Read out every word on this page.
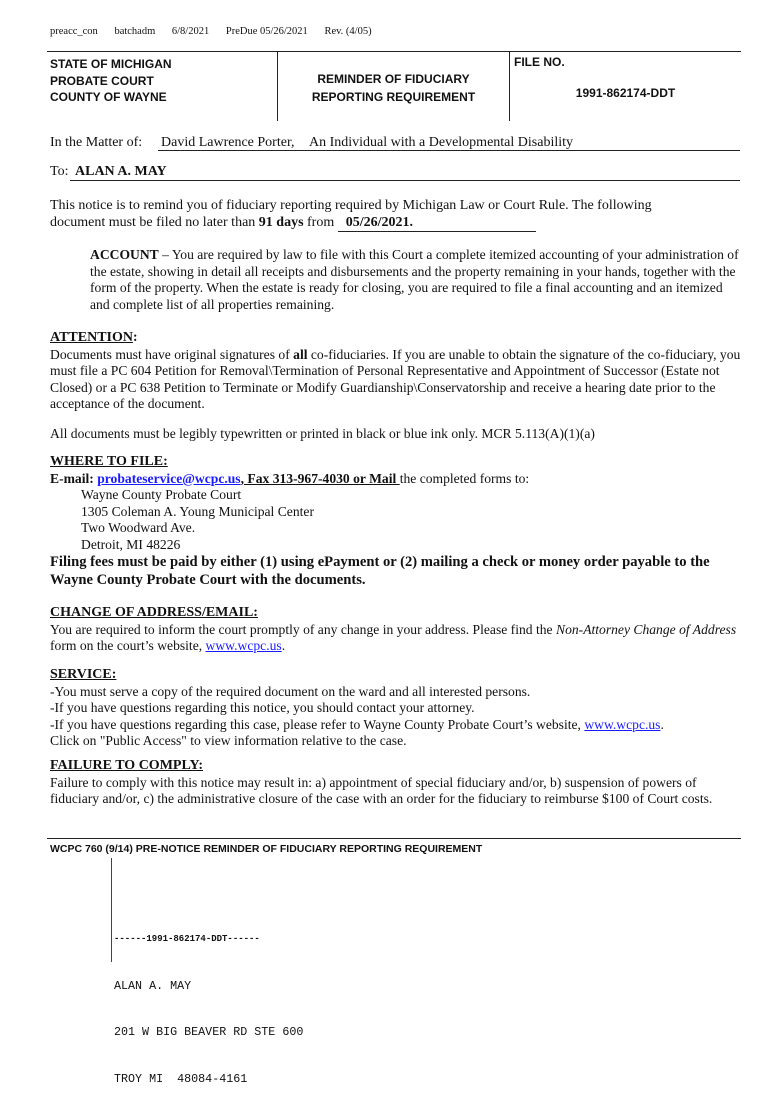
preacc_con batchadm 6/8/2021 PreDue 05/26/2021 Rev. (4/05)
STATE OF MICHIGAN
PROBATE COURT
COUNTY OF WAYNE
REMINDER OF FIDUCIARY
REPORTING REQUIREMENT
FILE NO.
1991-862174-DDT
In the Matter of: David Lawrence Porter, An Individual with a Developmental Disability
To: ALAN A. MAY
This notice is to remind you of fiduciary reporting required by Michigan Law or Court Rule. The following
document must be filed no later than 91 days from 05/26/2021.
ACCOUNT – You are required by law to file with this Court a complete itemized accounting of your administration of the estate, showing in detail all receipts and disbursements and the property remaining in your hands, together with the form of the property. When the estate is ready for closing, you are required to file a final accounting and an itemized and complete list of all properties remaining.
ATTENTION:
Documents must have original signatures of all co-fiduciaries. If you are unable to obtain the signature of the co-fiduciary, you must file a PC 604 Petition for Removal\Termination of Personal Representative and Appointment of Successor (Estate not Closed) or a PC 638 Petition to Terminate or Modify Guardianship\Conservatorship and receive a hearing date prior to the acceptance of the document.
All documents must be legibly typewritten or printed in black or blue ink only. MCR 5.113(A)(1)(a)
WHERE TO FILE:
E-mail: probateservice@wcpc.us, Fax 313-967-4030 or Mail the completed forms to:
Wayne County Probate Court
1305 Coleman A. Young Municipal Center
Two Woodward Ave.
Detroit, MI 48226
Filing fees must be paid by either (1) using ePayment or (2) mailing a check or money order payable to the Wayne County Probate Court with the documents.
CHANGE OF ADDRESS/EMAIL:
You are required to inform the court promptly of any change in your address. Please find the Non-Attorney Change of Address form on the court’s website, www.wcpc.us.
SERVICE:
-You must serve a copy of the required document on the ward and all interested persons.
-If you have questions regarding this notice, you should contact your attorney.
-If you have questions regarding this case, please refer to Wayne County Probate Court’s website, www.wcpc.us.
Click on "Public Access" to view information relative to the case.
FAILURE TO COMPLY:
Failure to comply with this notice may result in: a) appointment of special fiduciary and/or, b) suspension of powers of fiduciary and/or, c) the administrative closure of the case with an order for the fiduciary to reimburse $100 of Court costs.
WCPC 760 (9/14) PRE-NOTICE REMINDER OF FIDUCIARY REPORTING REQUIREMENT

------1991-862174-DDT------

ALAN A. MAY

201 W BIG BEAVER RD STE 600

TROY MI  48084-4161
